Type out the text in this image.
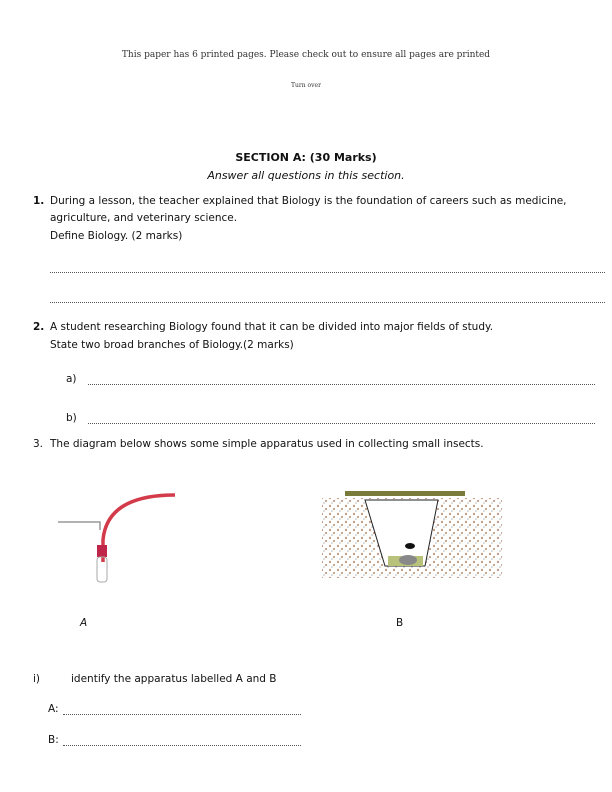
This paper has 6 printed pages. Please check out to ensure all pages are printed
Turn over
SECTION A: (30 Marks)
Answer all questions in this section.
1. During a lesson, the teacher explained that Biology is the foundation of careers such as medicine,
agriculture, and veterinary science.
Define Biology. (2 marks)
2. A student researching Biology found that it can be divided into major fields of study.
State two broad branches of Biology.(2 marks)
a)
b)
3. The diagram below shows some simple apparatus used in collecting small insects.
A	B
i)	identify the apparatus labelled A and B
A:
B:
